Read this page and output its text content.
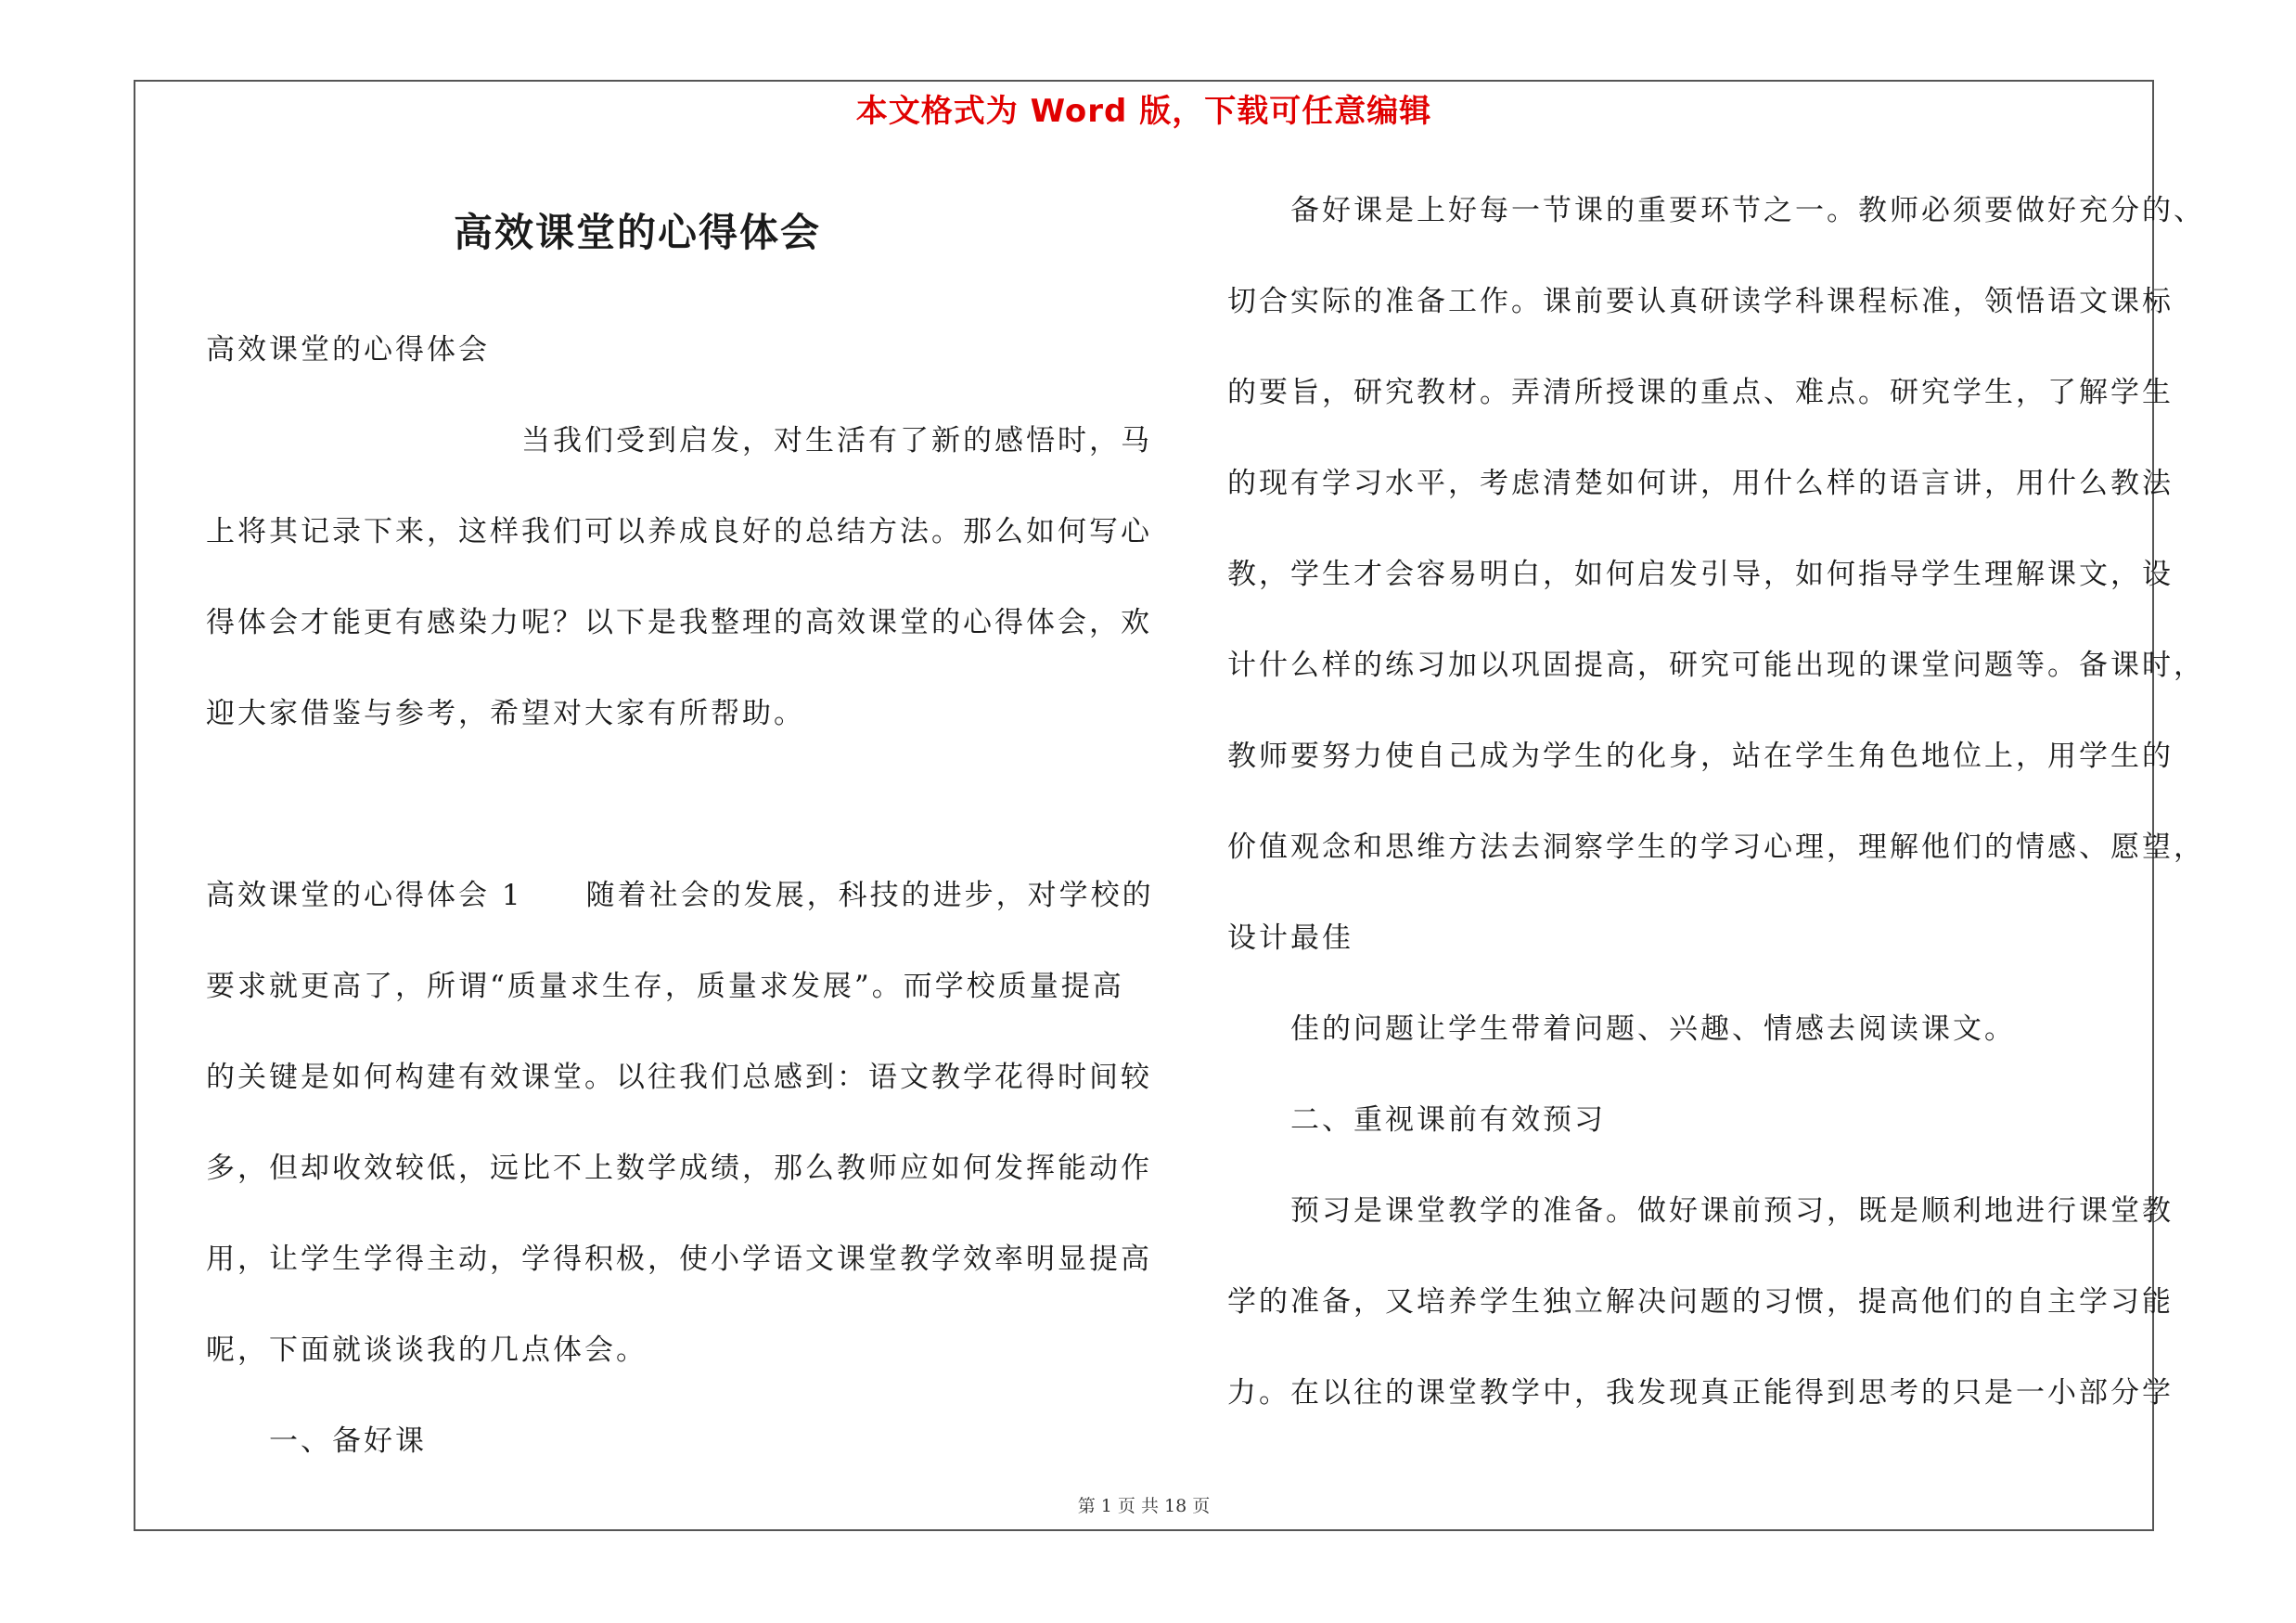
本文格式为 Word 版，下载可任意编辑
高效课堂的心得体会

高效课堂的心得体会

　　　　　　　　　　当我们受到启发，对生活有了新的感悟时，马

上将其记录下来，这样我们可以养成良好的总结方法。那么如何写心

得体会才能更有感染力呢？以下是我整理的高效课堂的心得体会，欢

迎大家借鉴与参考，希望对大家有所帮助。

高效课堂的心得体会 1　　随着社会的发展，科技的进步，对学校的

要求就更高了，所谓“质量求生存，质量求发展”。而学校质量提高

的关键是如何构建有效课堂。以往我们总感到：语文教学花得时间较

多，但却收效较低，远比不上数学成绩，那么教师应如何发挥能动作

用，让学生学得主动，学得积极，使小学语文课堂教学效率明显提高

呢，下面就谈谈我的几点体会。

　　一、备好课

　　备好课是上好每一节课的重要环节之一。教师必须要做好充分的、

切合实际的准备工作。课前要认真研读学科课程标准，领悟语文课标

的要旨，研究教材。弄清所授课的重点、难点。研究学生，了解学生

的现有学习水平，考虑清楚如何讲，用什么样的语言讲，用什么教法

教，学生才会容易明白，如何启发引导，如何指导学生理解课文，设

计什么样的练习加以巩固提高，研究可能出现的课堂问题等。备课时，

教师要努力使自己成为学生的化身，站在学生角色地位上，用学生的

价值观念和思维方法去洞察学生的学习心理，理解他们的情感、愿望，

设计最佳

　　佳的问题让学生带着问题、兴趣、情感去阅读课文。

　　二、重视课前有效预习

　　预习是课堂教学的准备。做好课前预习，既是顺利地进行课堂教

学的准备，又培养学生独立解决问题的习惯，提高他们的自主学习能

力。在以往的课堂教学中，我发现真正能得到思考的只是一小部分学

第 1 页 共 18 页
